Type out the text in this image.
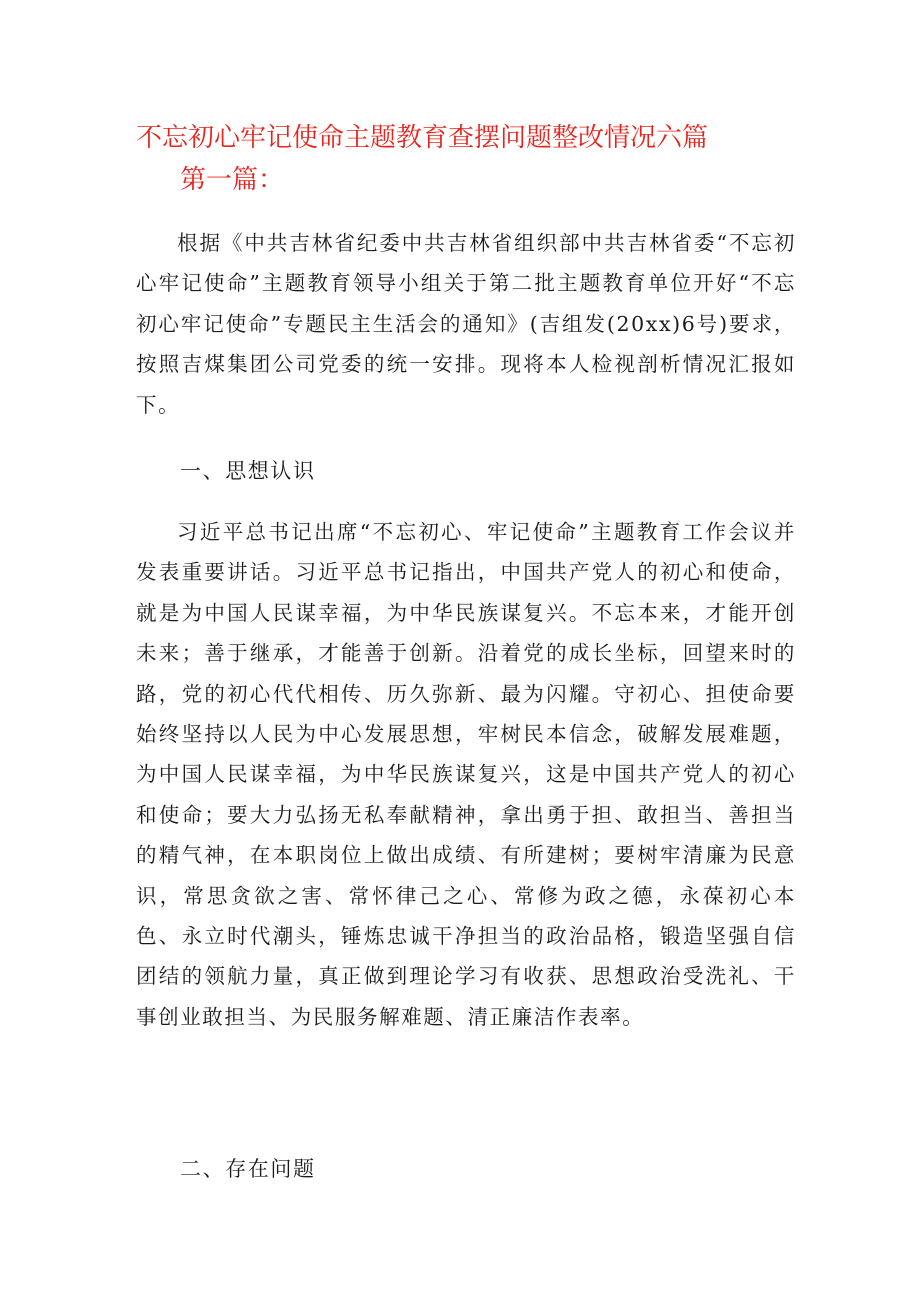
不忘初心牢记使命主题教育查摆问题整改情况六篇
第一篇：

根据《中共吉林省纪委中共吉林省组织部中共吉林省委“不忘初心牢记使命”主题教育领导小组关于第二批主题教育单位开好“不忘初心牢记使命”专题民主生活会的通知》(吉组发(20xx)6号)要求，按照吉煤集团公司党委的统一安排。现将本人检视剖析情况汇报如下。

一、思想认识

习近平总书记出席“不忘初心、牢记使命”主题教育工作会议并发表重要讲话。习近平总书记指出，中国共产党人的初心和使命，就是为中国人民谋幸福，为中华民族谋复兴。不忘本来，才能开创未来；善于继承，才能善于创新。沿着党的成长坐标，回望来时的路，党的初心代代相传、历久弥新、最为闪耀。守初心、担使命要始终坚持以人民为中心发展思想，牢树民本信念，破解发展难题，为中国人民谋幸福，为中华民族谋复兴，这是中国共产党人的初心和使命；要大力弘扬无私奉献精神，拿出勇于担、敢担当、善担当的精气神，在本职岗位上做出成绩、有所建树；要树牢清廉为民意识，常思贪欲之害、常怀律己之心、常修为政之德，永葆初心本色、永立时代潮头，锤炼忠诚干净担当的政治品格，锻造坚强自信团结的领航力量，真正做到理论学习有收获、思想政治受洗礼、干事创业敢担当、为民服务解难题、清正廉洁作表率。

二、存在问题
